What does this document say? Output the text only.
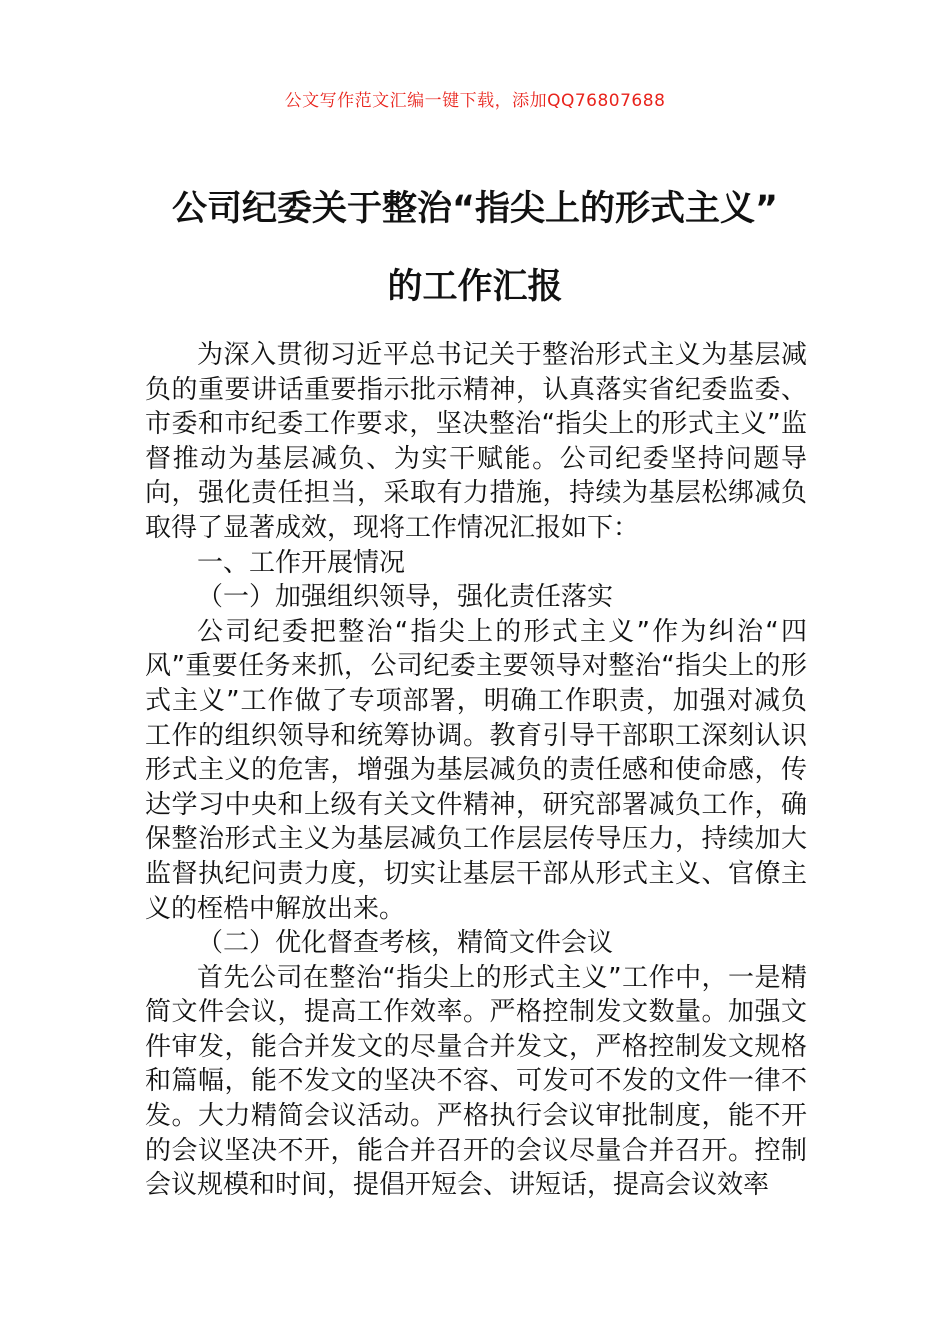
公文写作范文汇编一键下载，添加QQ76807688
公司纪委关于整治“指尖上的形式主义”
的工作汇报

为深入贯彻习近平总书记关于整治形式主义为基层减负的重要讲话重要指示批示精神，认真落实省纪委监委、市委和市纪委工作要求，坚决整治“指尖上的形式主义”监督推动为基层减负、为实干赋能。公司纪委坚持问题导向，强化责任担当，采取有力措施，持续为基层松绑减负取得了显著成效，现将工作情况汇报如下：

一、工作开展情况

（一）加强组织领导，强化责任落实

公司纪委把整治“指尖上的形式主义”作为纠治“四风”重要任务来抓，公司纪委主要领导对整治“指尖上的形式主义”工作做了专项部署，明确工作职责，加强对减负工作的组织领导和统筹协调。教育引导干部职工深刻认识形式主义的危害，增强为基层减负的责任感和使命感，传达学习中央和上级有关文件精神，研究部署减负工作，确保整治形式主义为基层减负工作层层传导压力，持续加大监督执纪问责力度，切实让基层干部从形式主义、官僚主义的桎梏中解放出来。

（二）优化督查考核，精简文件会议

首先公司在整治“指尖上的形式主义”工作中，一是精简文件会议，提高工作效率。严格控制发文数量。加强文件审发，能合并发文的尽量合并发文，严格控制发文规格和篇幅，能不发文的坚决不容、可发可不发的文件一律不发。大力精简会议活动。严格执行会议审批制度，能不开的会议坚决不开，能合并召开的会议尽量合并召开。控制会议规模和时间，提倡开短会、讲短话，提高会议效率
